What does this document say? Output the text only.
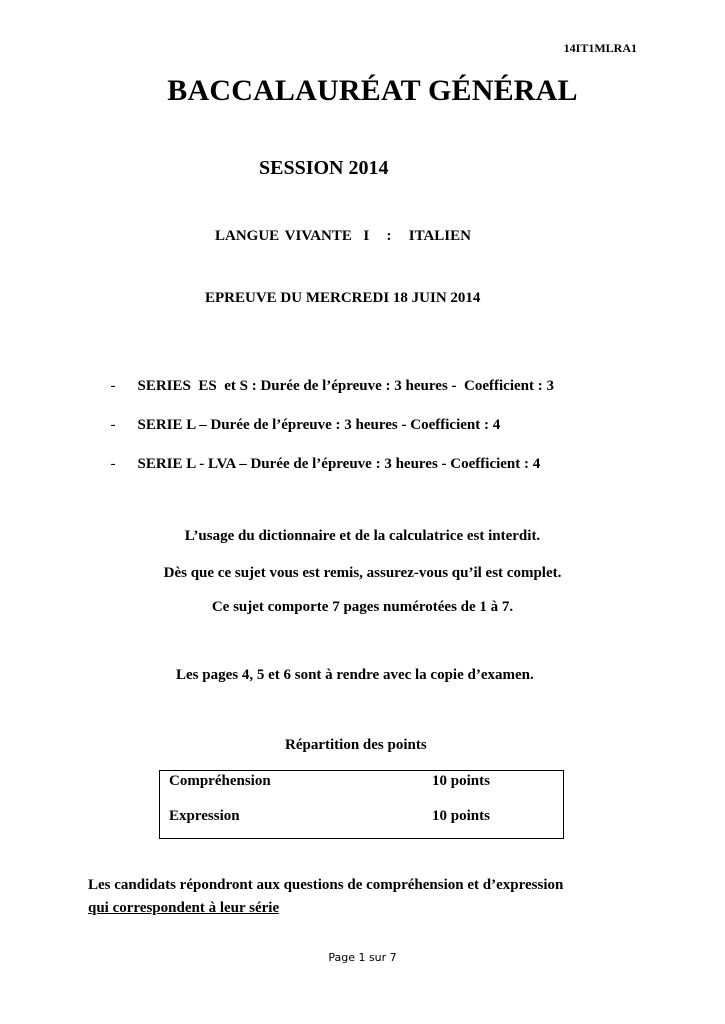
14IT1MLRA1
BACCALAURÉAT GÉNÉRAL
SESSION 2014
LANGUE VIVANTE  I   :   ITALIEN
EPREUVE DU MERCREDI 18 JUIN 2014

- SERIES  ES  et S : Durée de l’épreuve : 3 heures -  Coefficient : 3

- SERIE L – Durée de l’épreuve : 3 heures - Coefficient : 4

- SERIE L - LVA – Durée de l’épreuve : 3 heures - Coefficient : 4

L’usage du dictionnaire et de la calculatrice est interdit.
Dès que ce sujet vous est remis, assurez-vous qu’il est complet.
Ce sujet comporte 7 pages numérotées de 1 à 7.
Les pages 4, 5 et 6 sont à rendre avec la copie d’examen.
Répartition des points
Compréhension	10 points
Expression	10 points
Les candidats répondront aux questions de compréhension et d’expression
qui correspondent à leur série
Page 1 sur 7
